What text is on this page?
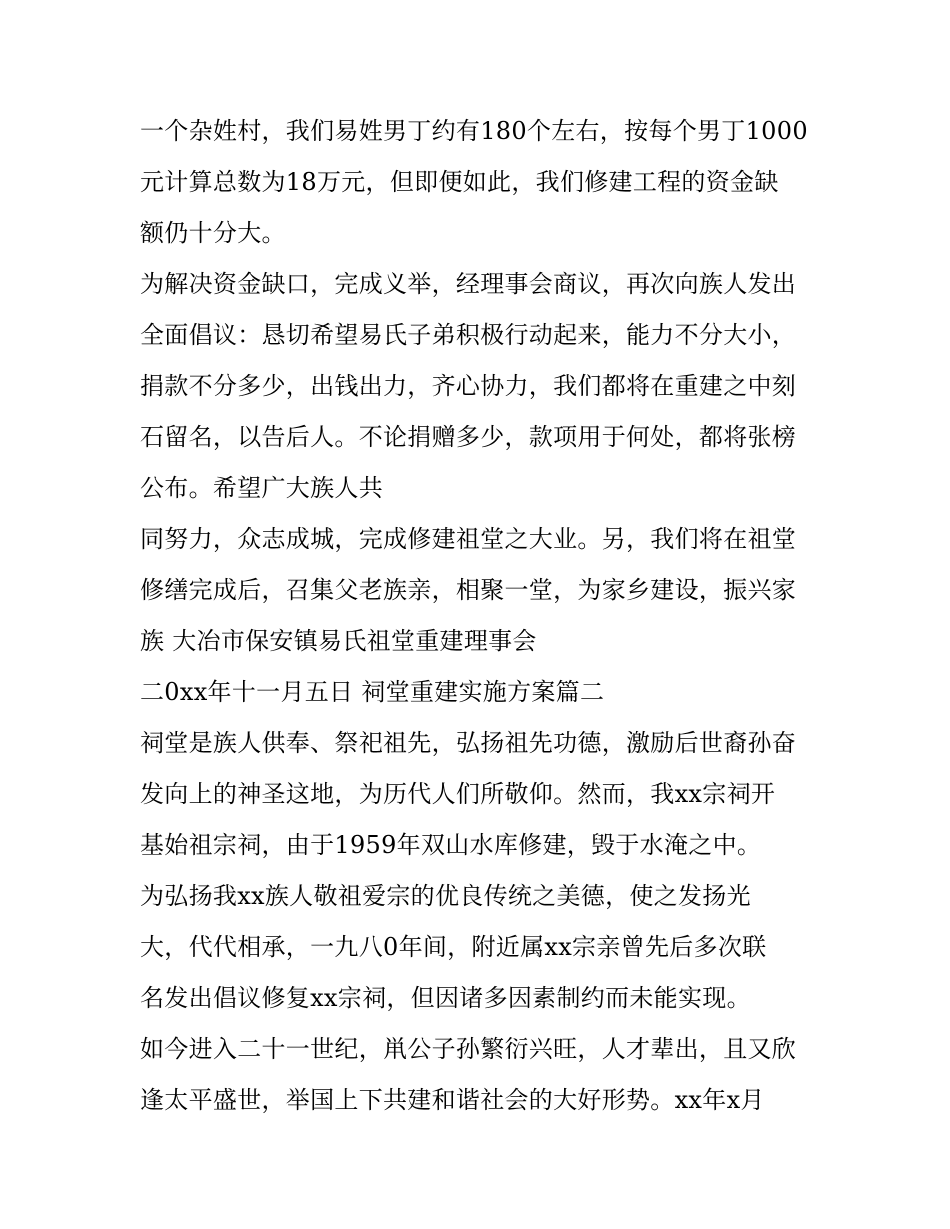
一个杂姓村，我们易姓男丁约有180个左右，按每个男丁1000
元计算总数为18万元，但即便如此，我们修建工程的资金缺
额仍十分大。
为解决资金缺口，完成义举，经理事会商议，再次向族人发出
全面倡议：恳切希望易氏子弟积极行动起来，能力不分大小，
捐款不分多少，出钱出力，齐心协力，我们都将在重建之中刻
石留名，以告后人。不论捐赠多少，款项用于何处，都将张榜
公布。希望广大族人共
同努力，众志成城，完成修建祖堂之大业。另，我们将在祖堂
修缮完成后，召集父老族亲，相聚一堂，为家乡建设，振兴家
族 大冶市保安镇易氏祖堂重建理事会
二0xx年十一月五日 祠堂重建实施方案篇二
祠堂是族人供奉、祭祀祖先，弘扬祖先功德，激励后世裔孙奋
发向上的神圣这地，为历代人们所敬仰。然而，我xx宗祠开
基始祖宗祠，由于1959年双山水库修建，毁于水淹之中。
为弘扬我xx族人敬祖爱宗的优良传统之美德，使之发扬光
大，代代相承，一九八0年间，附近属xx宗亲曾先后多次联
名发出倡议修复xx宗祠，但因诸多因素制约而未能实现。
如今进入二十一世纪，鼡公子孙繁衍兴旺，人才辈出，且又欣
逢太平盛世，举国上下共建和谐社会的大好形势。xx年x月
